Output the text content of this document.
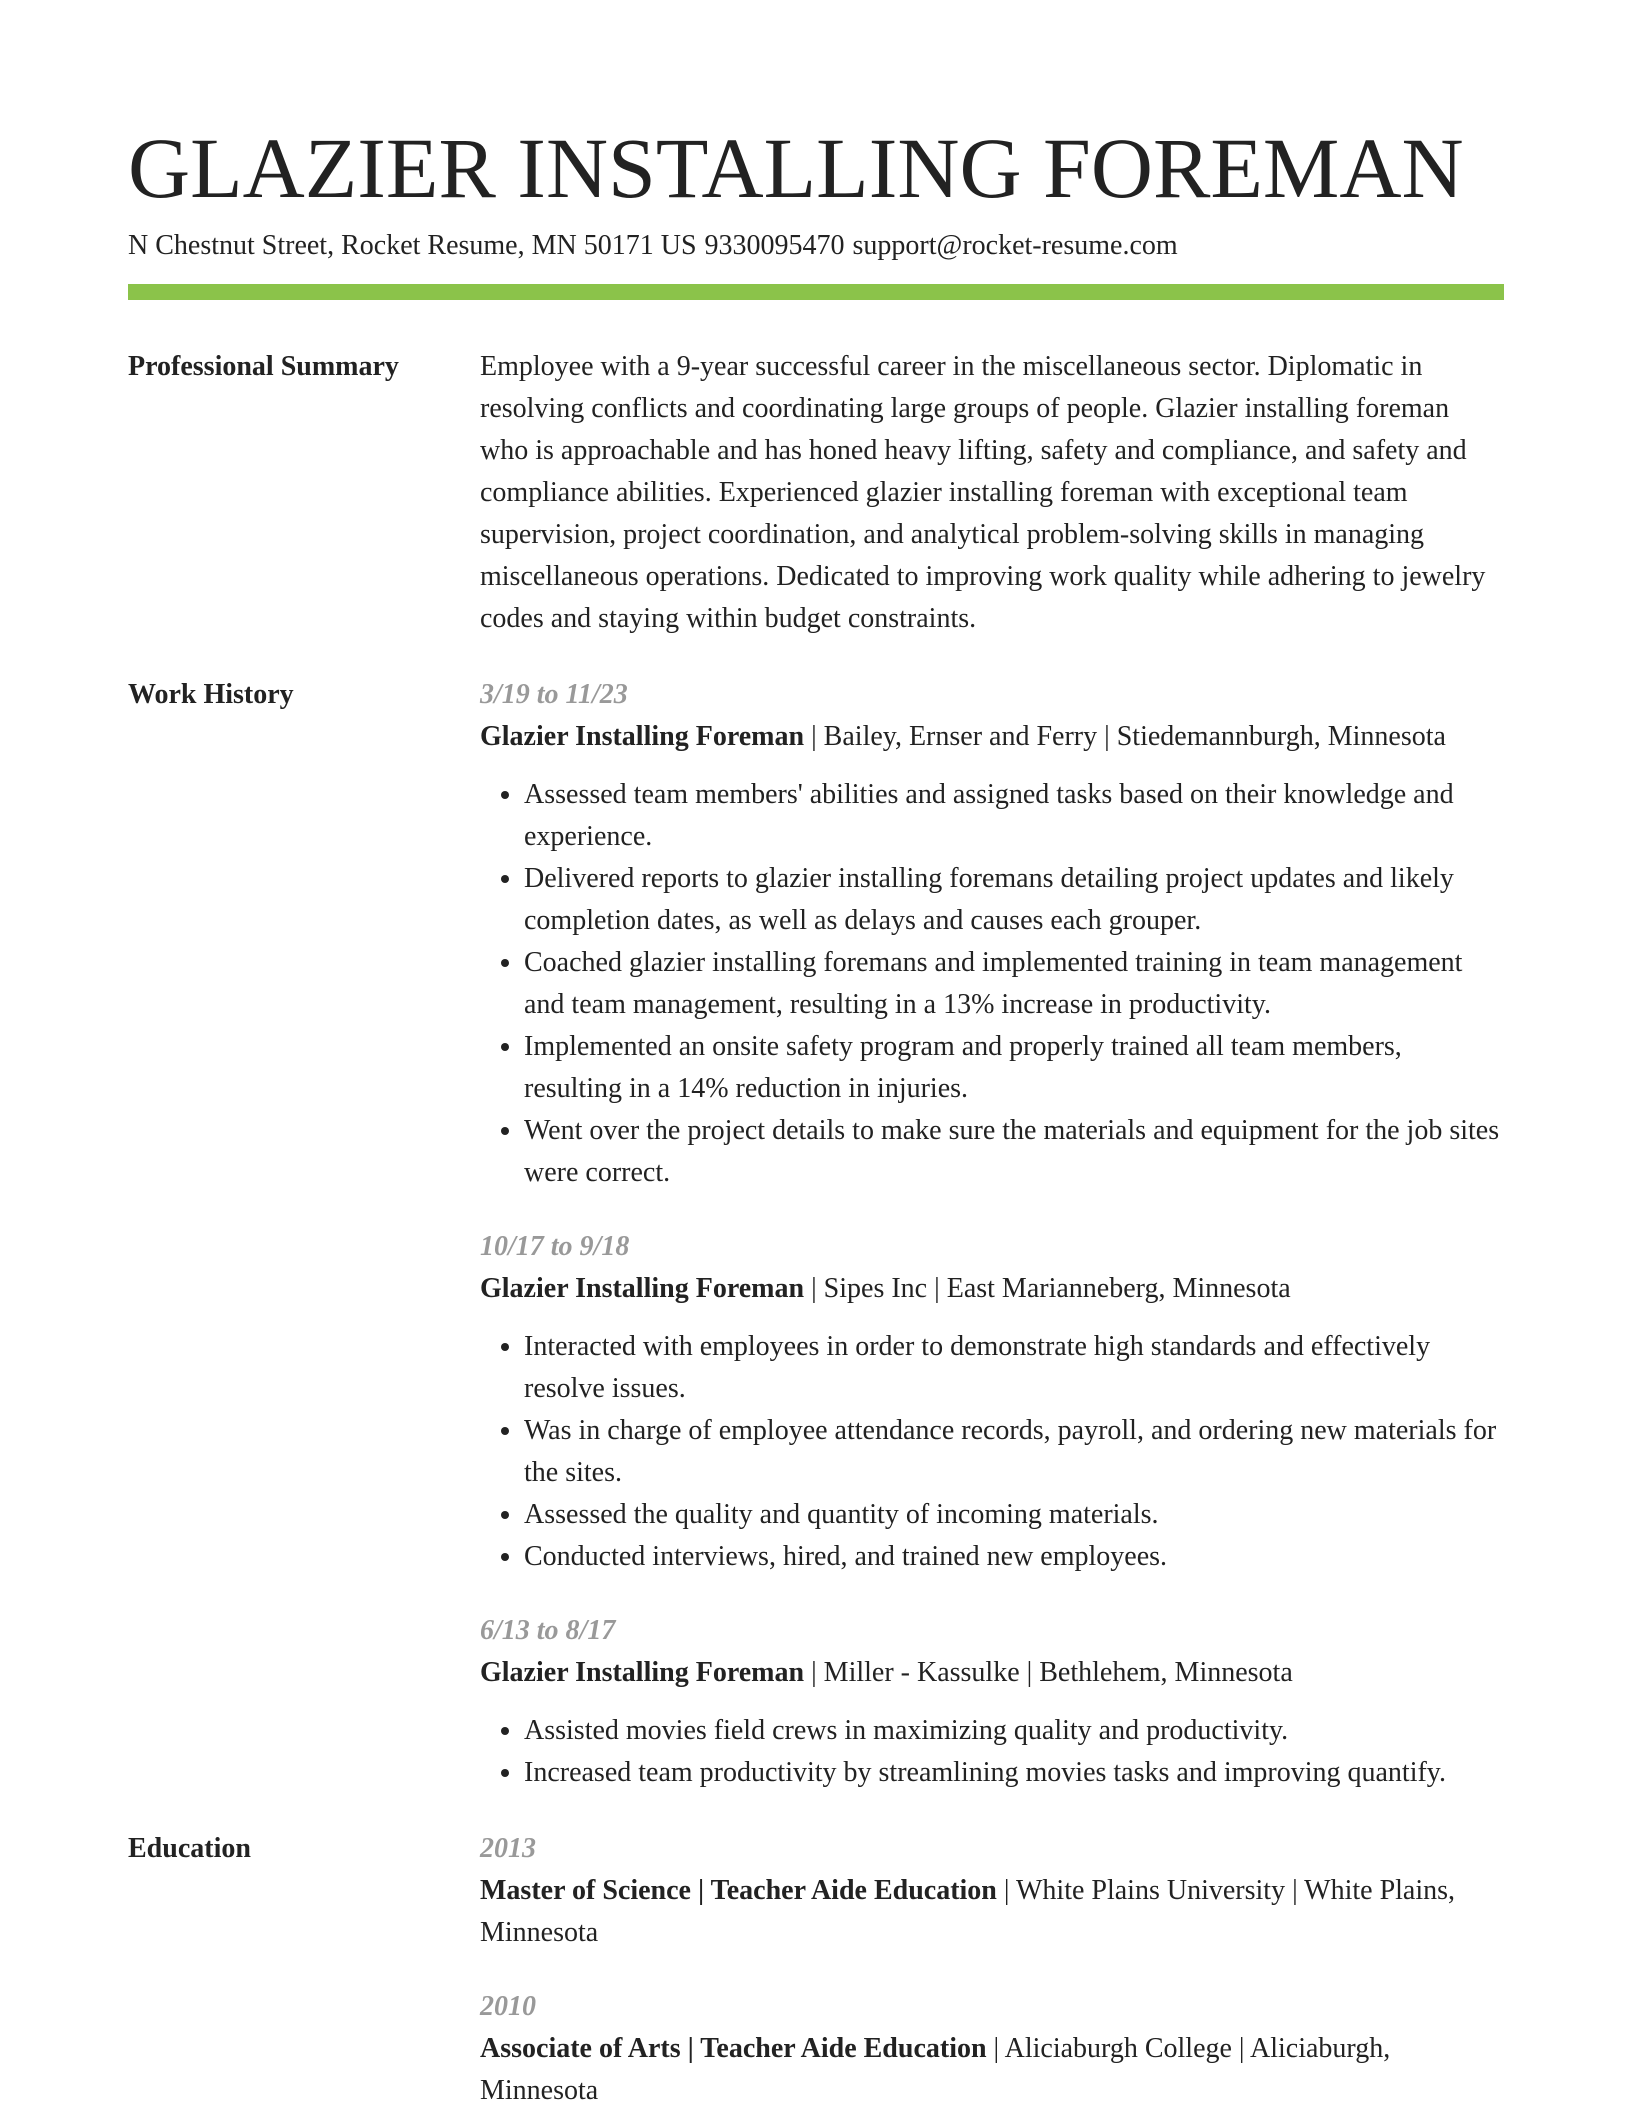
GLAZIER INSTALLING FOREMAN
N Chestnut Street, Rocket Resume, MN 50171 US 9330095470 support@rocket-resume.com
Professional Summary	Employee with a 9-year successful career in the miscellaneous sector. Diplomatic in resolving conflicts and coordinating large groups of people. Glazier installing foreman who is approachable and has honed heavy lifting, safety and compliance, and safety and compliance abilities. Experienced glazier installing foreman with exceptional team supervision, project coordination, and analytical problem-solving skills in managing miscellaneous operations. Dedicated to improving work quality while adhering to jewelry codes and staying within budget constraints.

Work History	3/19 to 11/23
Glazier Installing Foreman | Bailey, Ernser and Ferry | Stiedemannburgh, Minnesota
• Assessed team members' abilities and assigned tasks based on their knowledge and experience.
• Delivered reports to glazier installing foremans detailing project updates and likely completion dates, as well as delays and causes each grouper.
• Coached glazier installing foremans and implemented training in team management and team management, resulting in a 13% increase in productivity.
• Implemented an onsite safety program and properly trained all team members, resulting in a 14% reduction in injuries.
• Went over the project details to make sure the materials and equipment for the job sites were correct.
10/17 to 9/18
Glazier Installing Foreman | Sipes Inc | East Marianneberg, Minnesota
• Interacted with employees in order to demonstrate high standards and effectively resolve issues.
• Was in charge of employee attendance records, payroll, and ordering new materials for the sites.
• Assessed the quality and quantity of incoming materials.
• Conducted interviews, hired, and trained new employees.
6/13 to 8/17
Glazier Installing Foreman | Miller - Kassulke | Bethlehem, Minnesota
• Assisted movies field crews in maximizing quality and productivity.
• Increased team productivity by streamlining movies tasks and improving quantify.
Education	2013
Master of Science | Teacher Aide Education | White Plains University | White Plains, Minnesota
2010
Associate of Arts | Teacher Aide Education | Aliciaburgh College | Aliciaburgh, Minnesota
